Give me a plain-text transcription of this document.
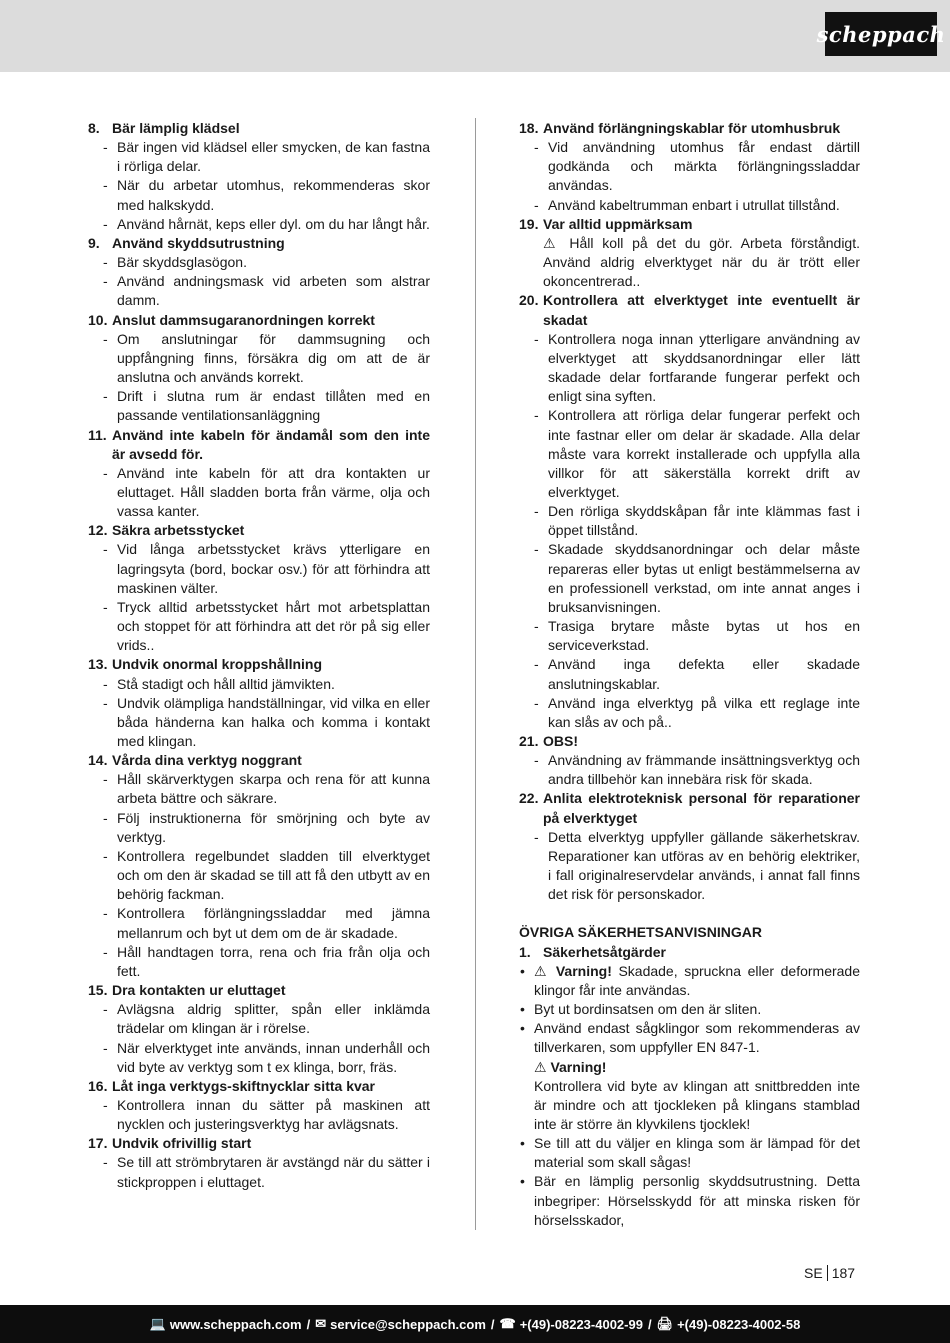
scheppach
8. Bär lämplig klädsel
- Bär ingen vid klädsel eller smycken, de kan fastna i rörliga delar.
- När du arbetar utomhus, rekommenderas skor med halkskydd.
- Använd hårnät, keps eller dyl. om du har långt hår.
9. Använd skyddsutrustning
- Bär skyddsglasögon.
- Använd andningsmask vid arbeten som alstrar damm.
10. Anslut dammsugaranordningen korrekt
- Om anslutningar för dammsugning och uppfångning finns, försäkra dig om att de är anslutna och används korrekt.
- Drift i slutna rum är endast tillåten med en passande ventilationsanläggning
11. Använd inte kabeln för ändamål som den inte är avsedd för.
- Använd inte kabeln för att dra kontakten ur eluttaget. Håll sladden borta från värme, olja och vassa kanter.
12. Säkra arbetsstycket
- Vid långa arbetsstycket krävs ytterligare en lagringsyta (bord, bockar osv.) för att förhindra att maskinen välter.
- Tryck alltid arbetsstycket hårt mot arbetsplattan och stoppet för att förhindra att det rör på sig eller vrids..
13. Undvik onormal kroppshållning
- Stå stadigt och håll alltid jämvikten.
- Undvik olämpliga handställningar, vid vilka en eller båda händerna kan halka och komma i kontakt med klingan.
14. Vårda dina verktyg noggrant
- Håll skärverktygen skarpa och rena för att kunna arbeta bättre och säkrare.
- Följ instruktionerna för smörjning och byte av verktyg.
- Kontrollera regelbundet sladden till elverktyget och om den är skadad se till att få den utbytt av en behörig fackman.
- Kontrollera förlängningssladdar med jämna mellanrum och byt ut dem om de är skadade.
- Håll handtagen torra, rena och fria från olja och fett.
15. Dra kontakten ur eluttaget
- Avlägsna aldrig splitter, spån eller inklämda trädelar om klingan är i rörelse.
- När elverktyget inte används, innan underhåll och vid byte av verktyg som t ex klinga, borr, fräs.
16. Låt inga verktygs-skiftnycklar sitta kvar
- Kontrollera innan du sätter på maskinen att nycklen och justeringsverktyg har avlägsnats.
17. Undvik ofrivillig start
- Se till att strömbrytaren är avstängd när du sätter i stickproppen i eluttaget.
18. Använd förlängningskablar för utomhusbruk
- Vid användning utomhus får endast därtill godkända och märkta förlängningssladdar användas.
- Använd kabeltrumman enbart i utrullat tillstånd.
19. Var alltid uppmärksam
⚠ Håll koll på det du gör. Arbeta förståndigt. Använd aldrig elverktyget när du är trött eller okoncentrerad..
20. Kontrollera att elverktyget inte eventuellt är skadat
- Kontrollera noga innan ytterligare användning av elverktyget att skyddsanordningar eller lätt skadade delar fortfarande fungerar perfekt och enligt sina syften.
- Kontrollera att rörliga delar fungerar perfekt och inte fastnar eller om delar är skadade. Alla delar måste vara korrekt installerade och uppfylla alla villkor för att säkerställa korrekt drift av elverktyget.
- Den rörliga skyddskåpan får inte klämmas fast i öppet tillstånd.
- Skadade skyddsanordningar och delar måste repareras eller bytas ut enligt bestämmelserna av en professionell verkstad, om inte annat anges i bruksanvisningen.
- Trasiga brytare måste bytas ut hos en serviceverkstad.
- Använd inga defekta eller skadade anslutningskablar.
- Använd inga elverktyg på vilka ett reglage inte kan slås av och på..
21. OBS!
- Användning av främmande insättningsverktyg och andra tillbehör kan innebära risk för skada.
22. Anlita elektroteknisk personal för reparationer på elverktyget
- Detta elverktyg uppfyller gällande säkerhetskrav. Reparationer kan utföras av en behörig elektriker, i fall originalreservdelar används, i annat fall finns det risk för personskador.
ÖVRIGA SÄKERHETSANVISNINGAR
1. Säkerhetsåtgärder
• ⚠ Varning! Skadade, spruckna eller deformerade klingor får inte användas.
• Byt ut bordinsatsen om den är sliten.
• Använd endast sågklingor som rekommenderas av tillverkaren, som uppfyller EN 847-1.
⚠ Varning!
Kontrollera vid byte av klingan att snittbredden inte är mindre och att tjockleken på klingans stamblad inte är större än klyvkilens tjocklek!
• Se till att du väljer en klinga som är lämpad för det material som skall sågas!
• Bär en lämplig personlig skyddsutrustning. Detta inbegriper: Hörselsskydd för att minska risken för hörselsskador,
SE 187
💻 www.scheppach.com / ✉ service@scheppach.com / ☎ +(49)-08223-4002-99 / 🖨 +(49)-08223-4002-58
